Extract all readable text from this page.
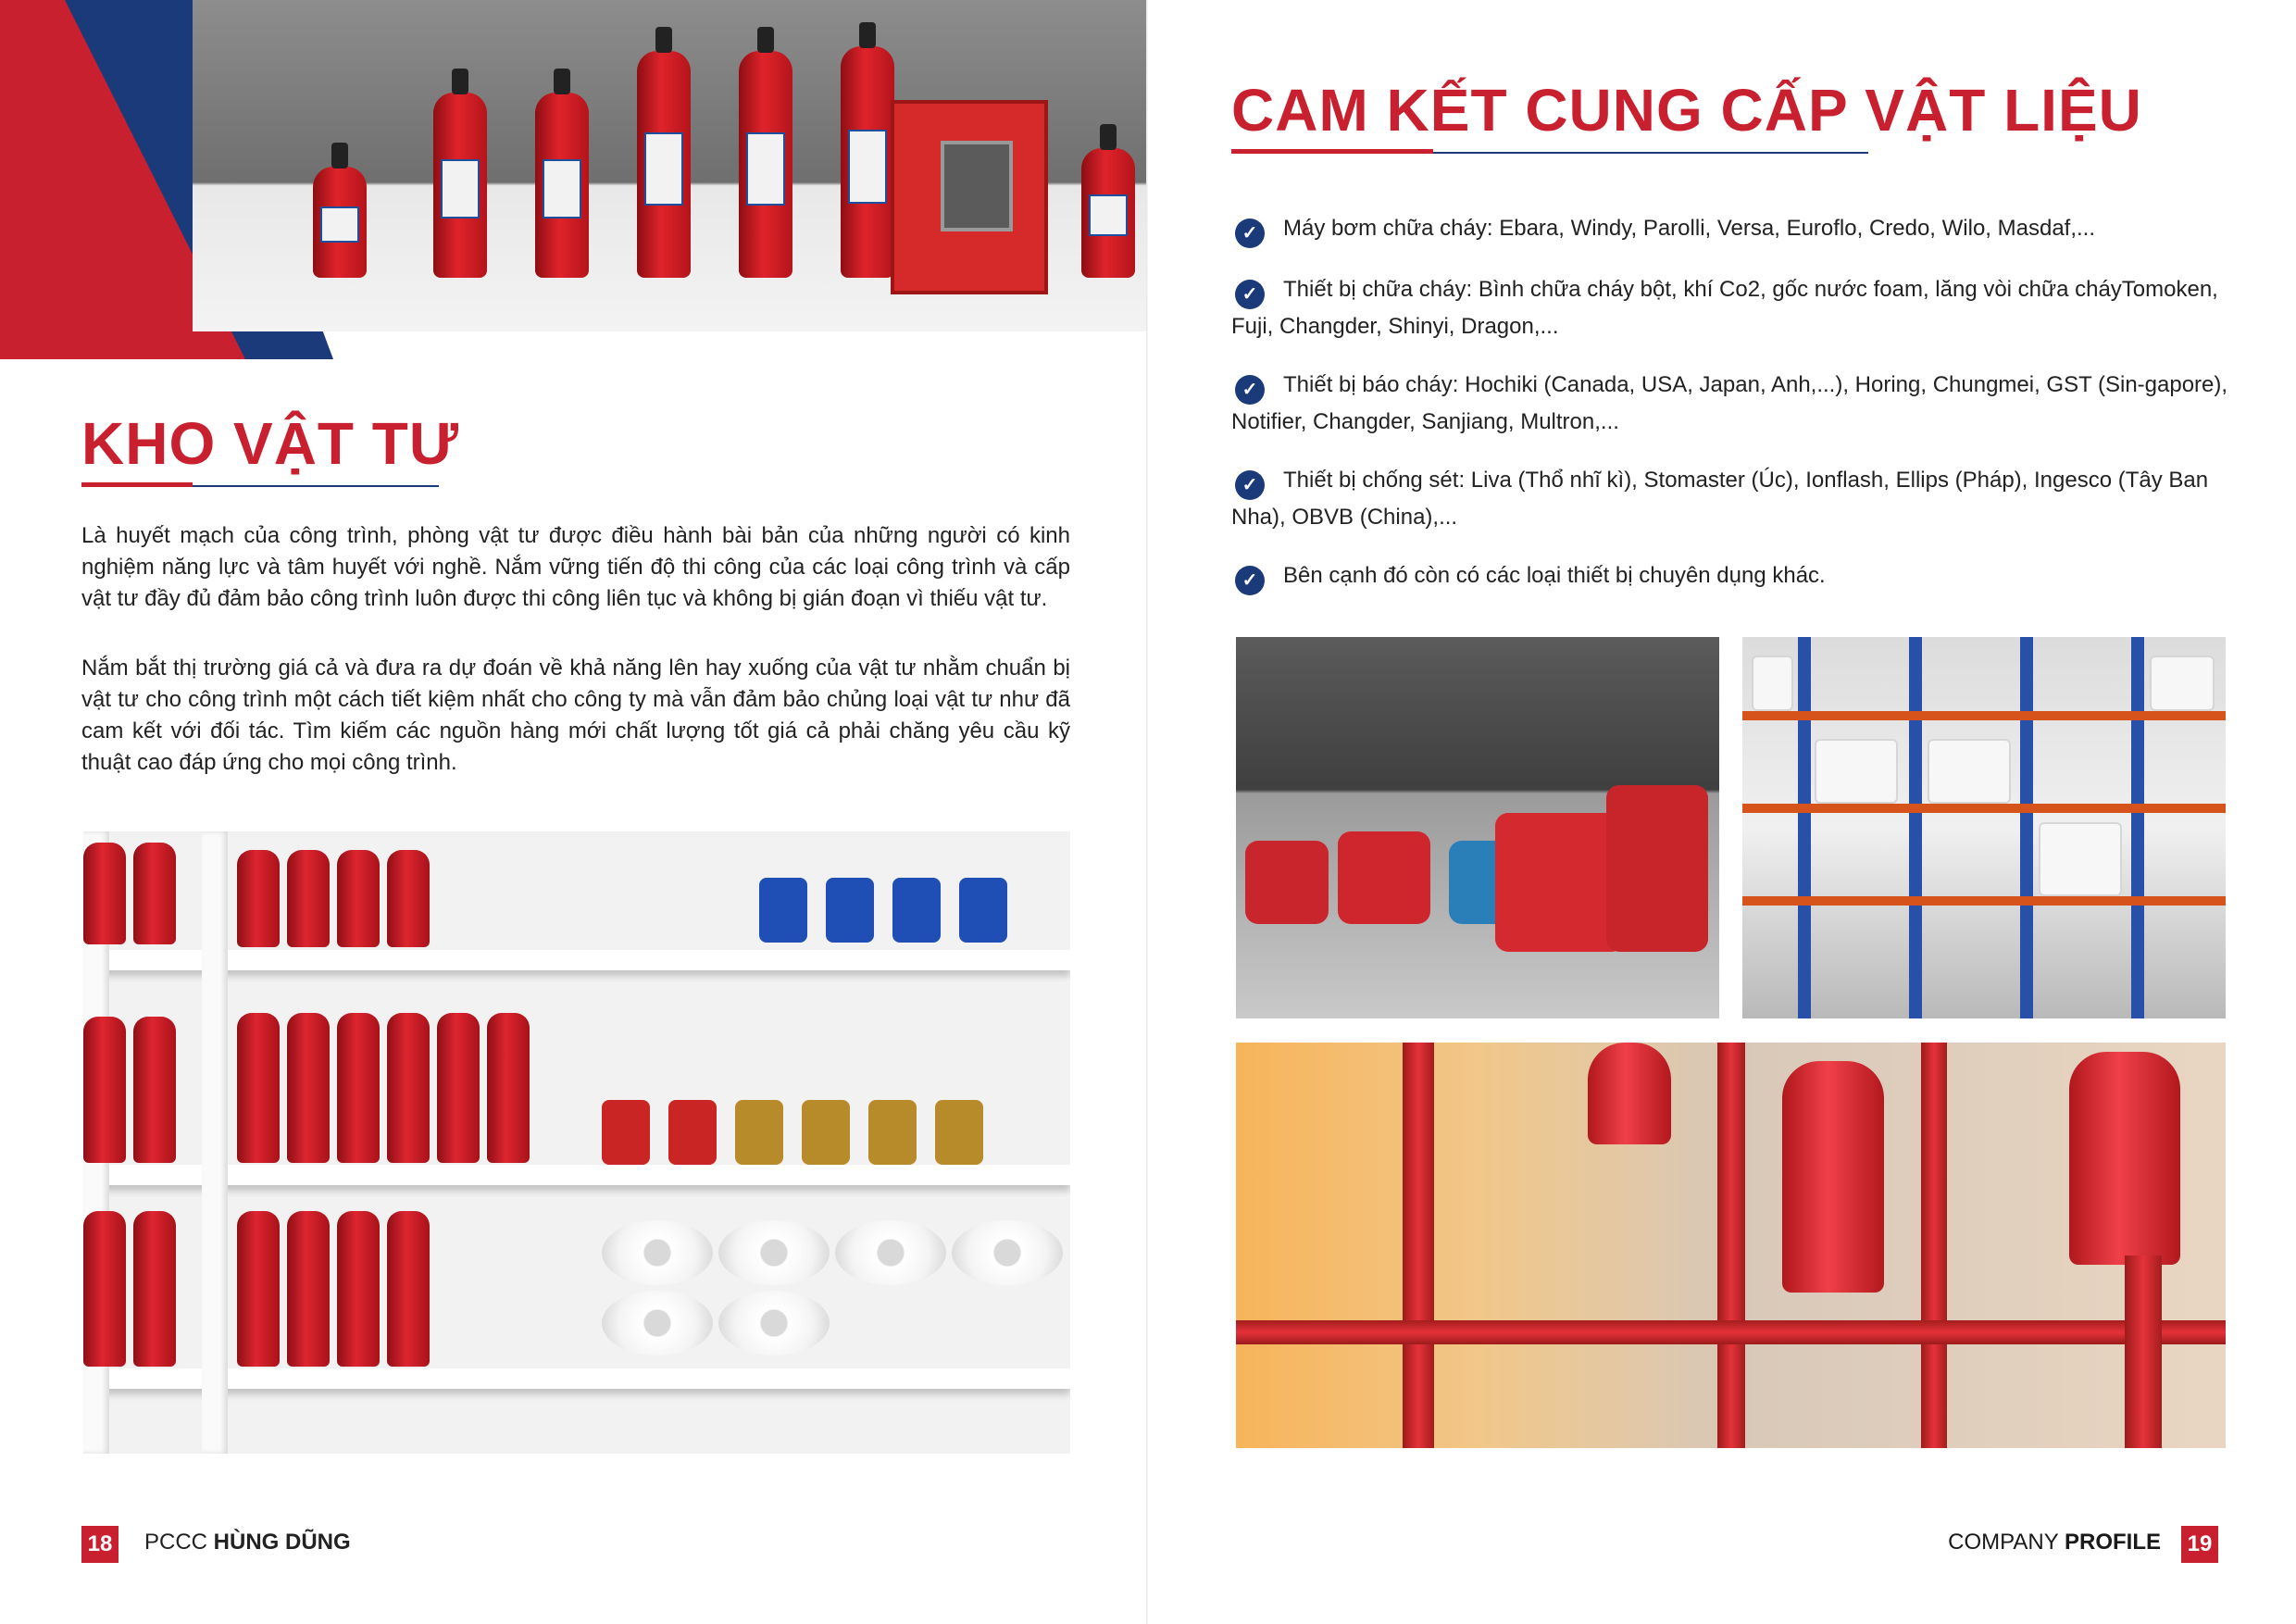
KHO VẬT TƯ

Là huyết mạch của công trình, phòng vật tư được điều hành bài bản của những người có kinh nghiệm năng lực và tâm huyết với nghề. Nắm vững tiến độ thi công của các loại công trình và cấp vật tư đầy đủ đảm bảo công trình luôn được thi công liên tục và không bị gián đoạn vì thiếu vật tư.

Nắm bắt thị trường giá cả và đưa ra dự đoán về khả năng lên hay xuống của vật tư nhằm chuẩn bị vật tư cho công trình một cách tiết kiệm nhất cho công ty mà vẫn đảm bảo chủng loại vật tư như đã cam kết với đối tác. Tìm kiếm các nguồn hàng mới chất lượng tốt giá cả phải chăng yêu cầu kỹ thuật cao đáp ứng cho mọi công trình.

18 PCCC HÙNG DŨNG
CAM KẾT CUNG CẤP VẬT LIỆU
✓ Máy bơm chữa cháy: Ebara, Windy, Parolli, Versa, Euroflo, Credo, Wilo, Masdaf,...
✓ Thiết bị chữa cháy: Bình chữa cháy bột, khí Co2, gốc nước foam, lăng vòi chữa cháyTomoken, Fuji, Changder, Shinyi, Dragon,...
✓ Thiết bị báo cháy: Hochiki (Canada, USA, Japan, Anh,...), Horing, Chungmei, GST (Sin-gapore), Notifier, Changder, Sanjiang, Multron,...
✓ Thiết bị chống sét: Liva (Thổ nhĩ kì), Stomaster (Úc), Ionflash, Ellips (Pháp), Ingesco (Tây Ban Nha), OBVB (China),...
✓ Bên cạnh đó còn có các loại thiết bị chuyên dụng khác.
COMPANY PROFILE 19
